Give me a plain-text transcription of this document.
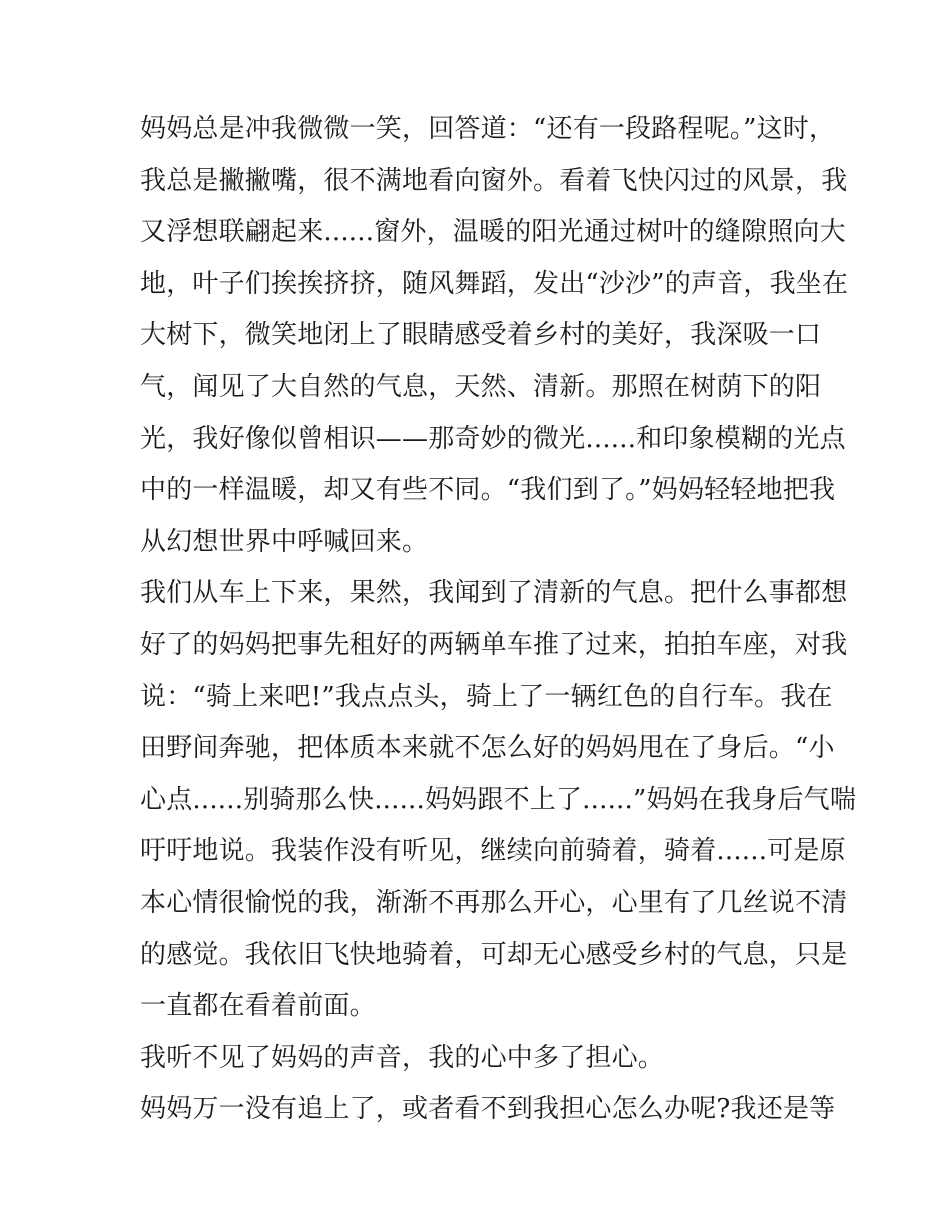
妈妈总是冲我微微一笑，回答道：“还有一段路程呢。”这时，
我总是撇撇嘴，很不满地看向窗外。看着飞快闪过的风景，我
又浮想联翩起来......窗外，温暖的阳光通过树叶的缝隙照向大
地，叶子们挨挨挤挤，随风舞蹈，发出“沙沙”的声音，我坐在
大树下，微笑地闭上了眼睛感受着乡村的美好，我深吸一口
气，闻见了大自然的气息，天然、清新。那照在树荫下的阳
光，我好像似曾相识——那奇妙的微光......和印象模糊的光点
中的一样温暖，却又有些不同。“我们到了。”妈妈轻轻地把我
从幻想世界中呼喊回来。
我们从车上下来，果然，我闻到了清新的气息。把什么事都想
好了的妈妈把事先租好的两辆单车推了过来，拍拍车座，对我
说：“骑上来吧!”我点点头，骑上了一辆红色的自行车。我在
田野间奔驰，把体质本来就不怎么好的妈妈甩在了身后。“小
心点......别骑那么快......妈妈跟不上了......”妈妈在我身后气喘
吁吁地说。我装作没有听见，继续向前骑着，骑着......可是原
本心情很愉悦的我，渐渐不再那么开心，心里有了几丝说不清
的感觉。我依旧飞快地骑着，可却无心感受乡村的气息，只是
一直都在看着前面。
我听不见了妈妈的声音，我的心中多了担心。
妈妈万一没有追上了，或者看不到我担心怎么办呢?我还是等
